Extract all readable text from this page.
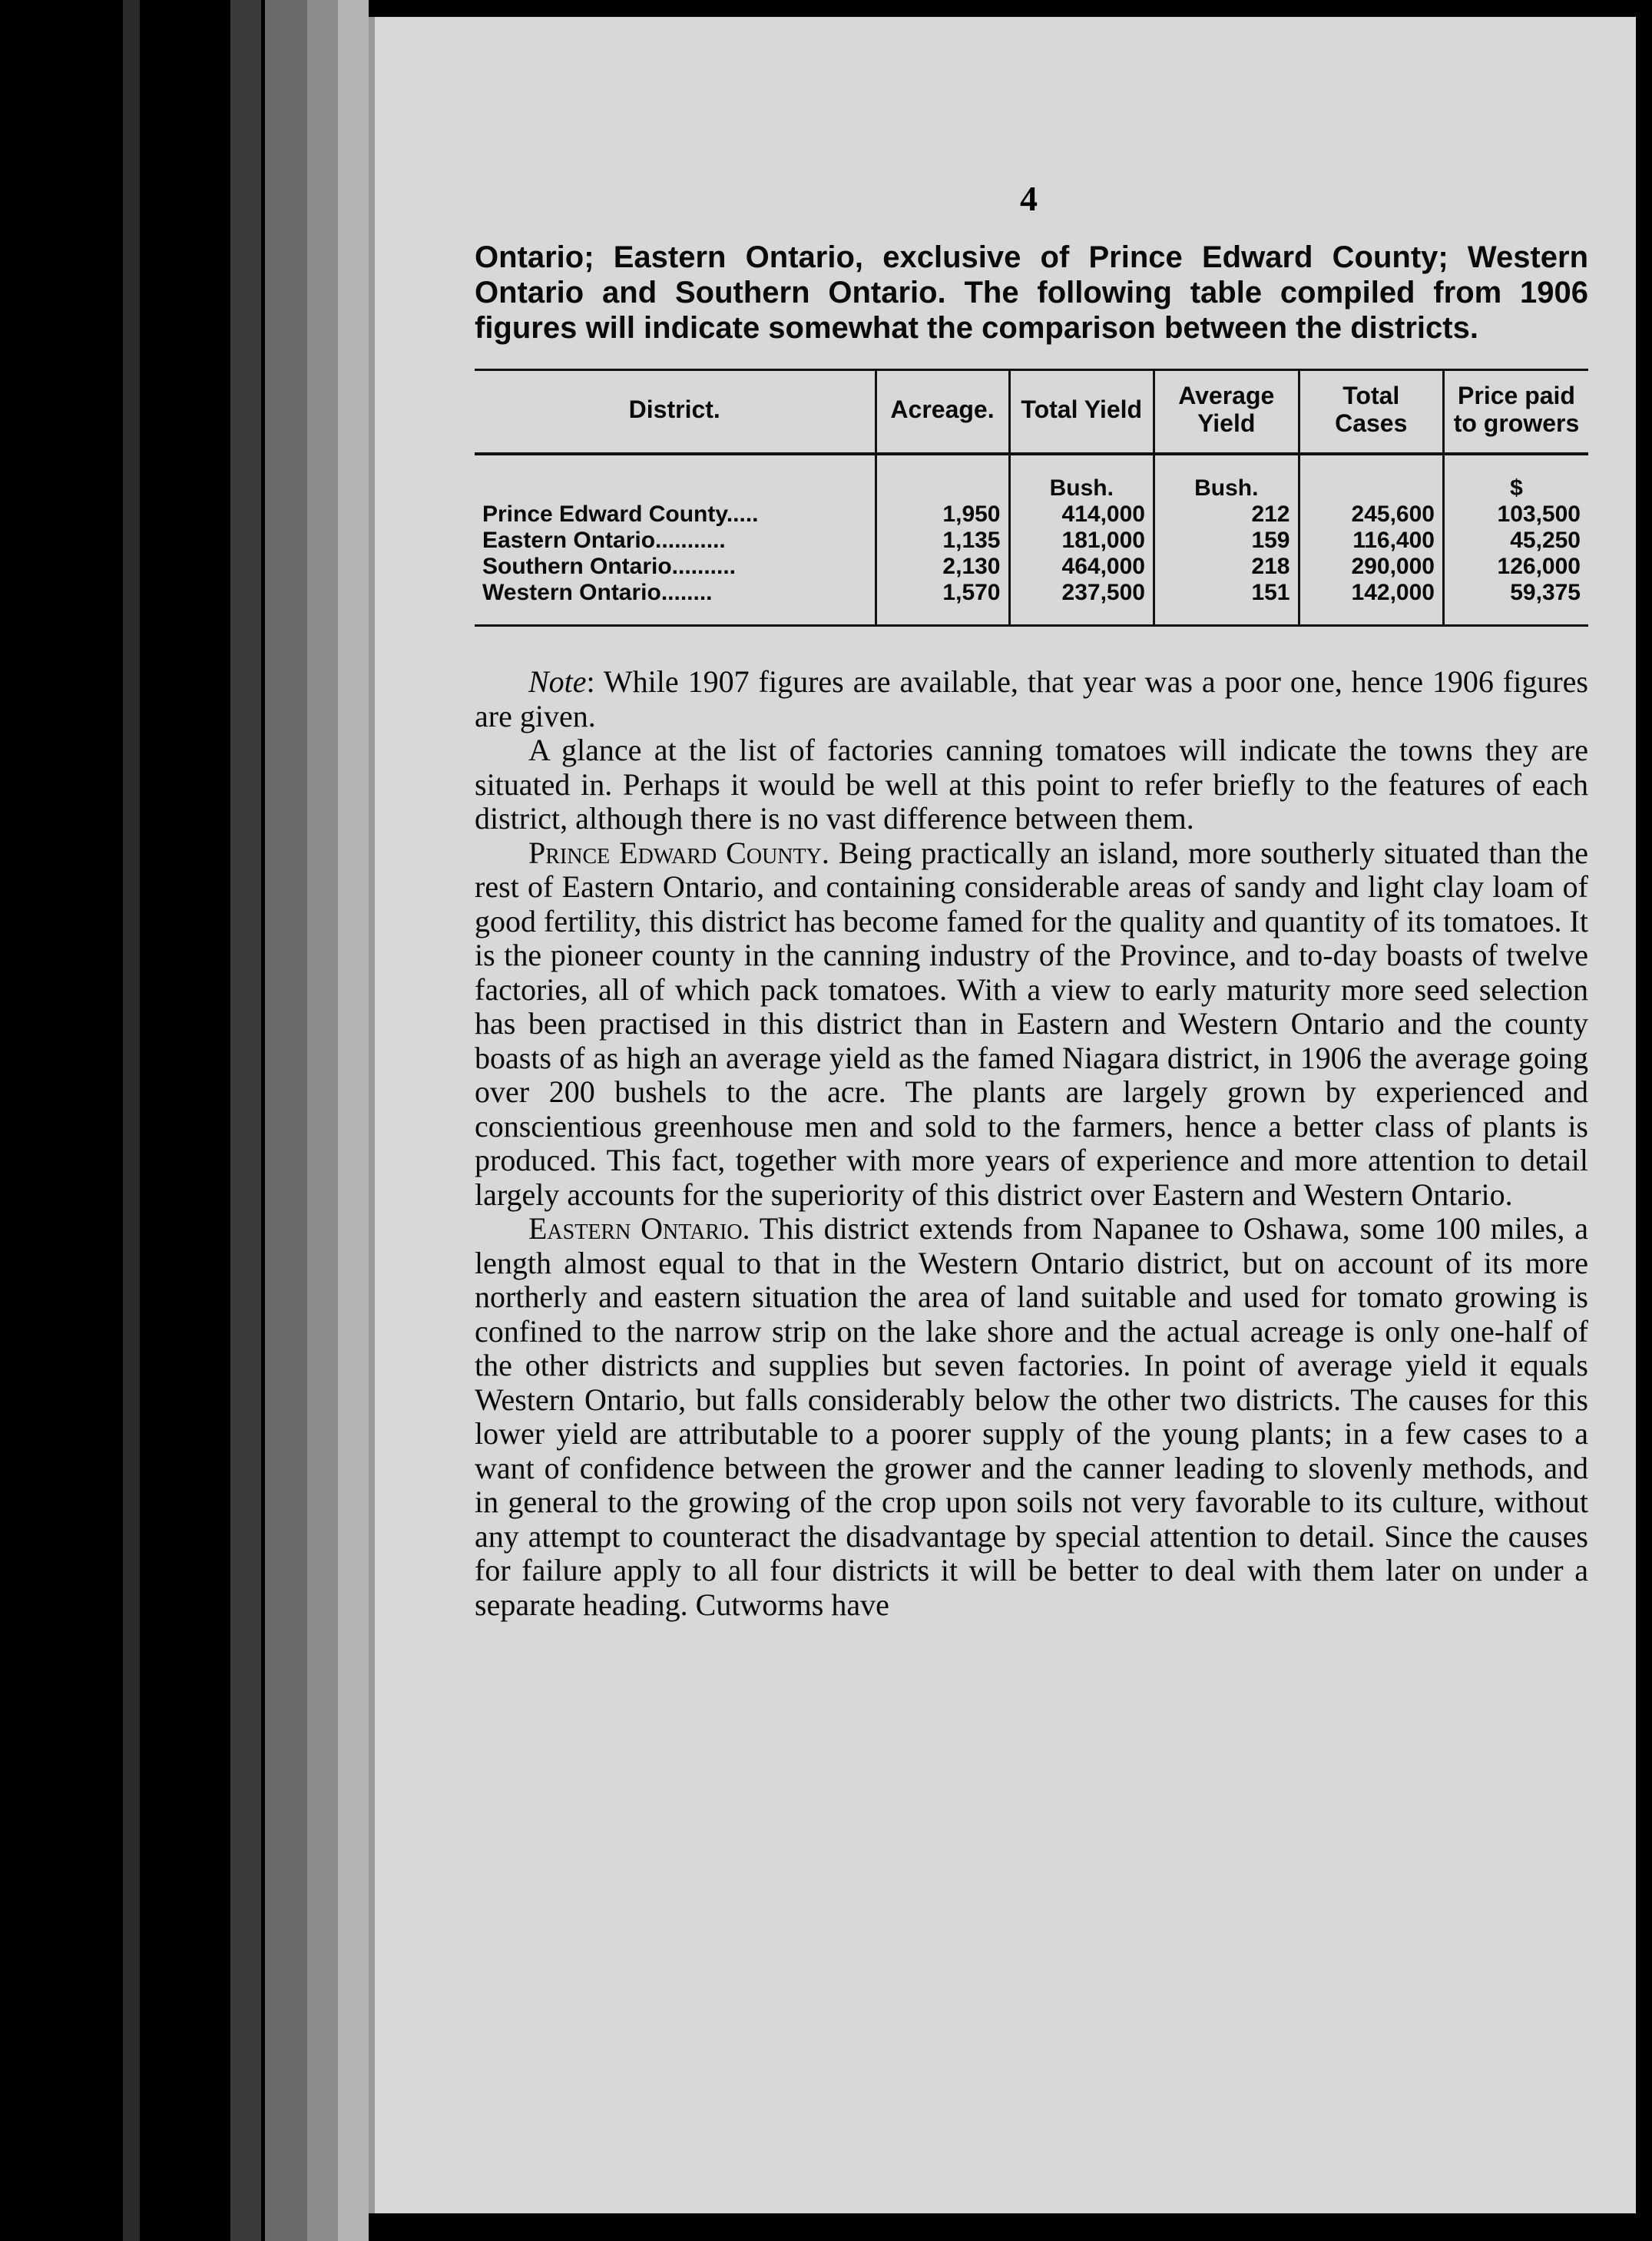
4

Ontario; Eastern Ontario, exclusive of Prince Edward County; Western Ontario and Southern Ontario. The following table compiled from 1906 figures will indicate somewhat the comparison between the districts.

District.	Acreage.	Total Yield	Average Yield	Total Cases	Price paid to growers
		Bush.	Bush.		$
Prince Edward County.....	1,950	414,000	212	245,600	103,500
Eastern Ontario...........	1,135	181,000	159	116,400	45,250
Southern Ontario..........	2,130	464,000	218	290,000	126,000
Western Ontario........	1,570	237,500	151	142,000	59,375

Note: While 1907 figures are available, that year was a poor one, hence 1906 figures are given.

A glance at the list of factories canning tomatoes will indicate the towns they are situated in. Perhaps it would be well at this point to refer briefly to the features of each district, although there is no vast difference between them.

Prince Edward County. Being practically an island, more southerly situated than the rest of Eastern Ontario, and containing considerable areas of sandy and light clay loam of good fertility, this district has become famed for the quality and quantity of its tomatoes. It is the pioneer county in the canning industry of the Province, and to-day boasts of twelve factories, all of which pack tomatoes. With a view to early maturity more seed selection has been practised in this district than in Eastern and Western Ontario and the county boasts of as high an average yield as the famed Niagara district, in 1906 the average going over 200 bushels to the acre. The plants are largely grown by experienced and conscientious greenhouse men and sold to the farmers, hence a better class of plants is produced. This fact, together with more years of experience and more attention to detail largely accounts for the superiority of this district over Eastern and Western Ontario.

Eastern Ontario. This district extends from Napanee to Oshawa, some 100 miles, a length almost equal to that in the Western Ontario district, but on account of its more northerly and eastern situation the area of land suitable and used for tomato growing is confined to the narrow strip on the lake shore and the actual acreage is only one-half of the other districts and supplies but seven factories. In point of average yield it equals Western Ontario, but falls considerably below the other two districts. The causes for this lower yield are attributable to a poorer supply of the young plants; in a few cases to a want of confidence between the grower and the canner leading to slovenly methods, and in general to the growing of the crop upon soils not very favorable to its culture, without any attempt to counteract the disadvantage by special attention to detail. Since the causes for failure apply to all four districts it will be better to deal with them later on under a separate heading. Cutworms have
